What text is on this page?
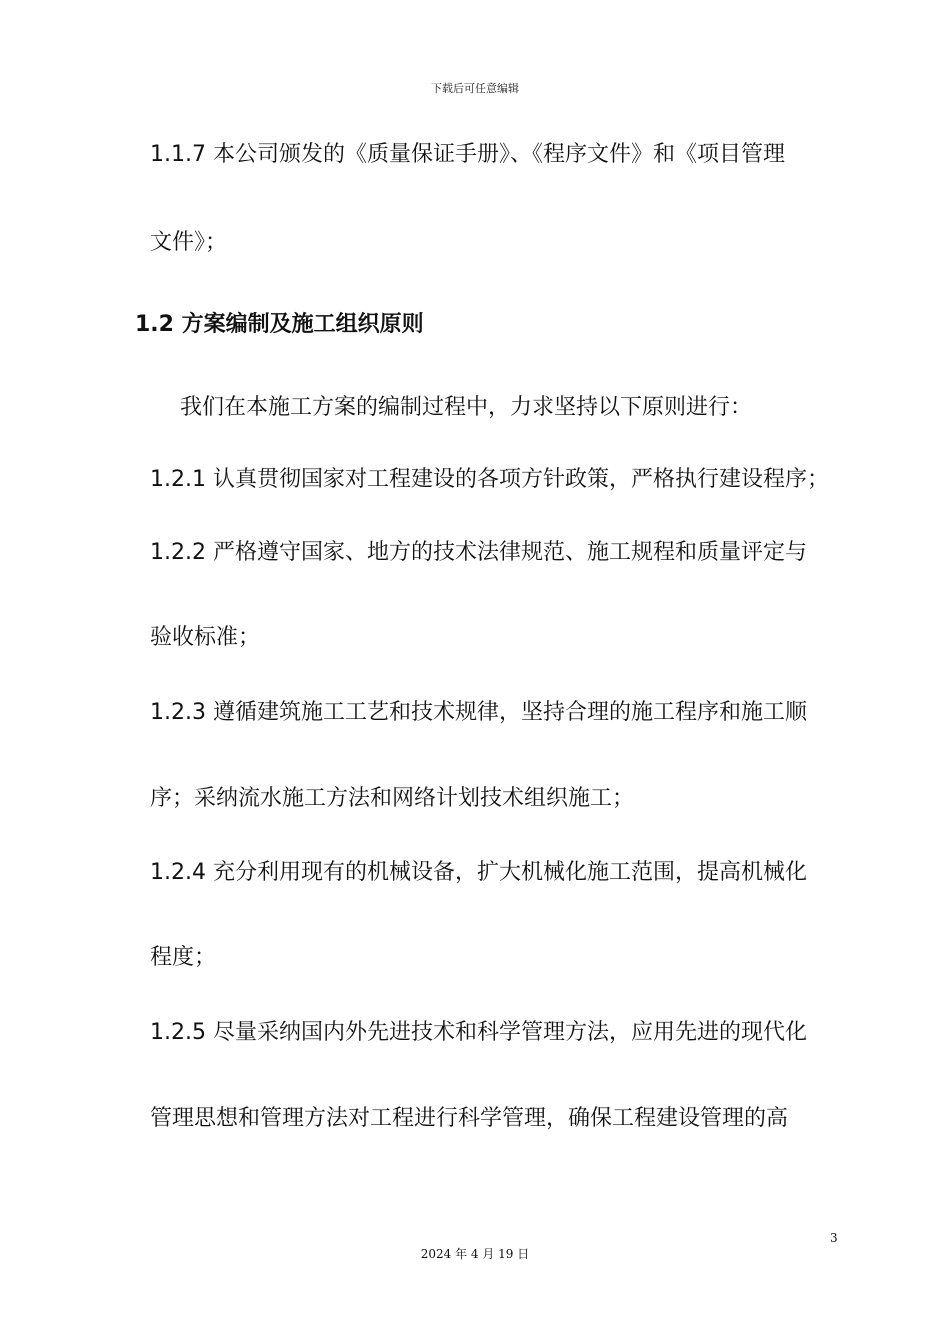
下载后可任意编辑
1.1.7 本公司颁发的《质量保证手册》、《程序文件》和《项目管理
文件》；
1.2 方案编制及施工组织原则
我们在本施工方案的编制过程中，力求坚持以下原则进行：
1.2.1 认真贯彻国家对工程建设的各项方针政策，严格执行建设程序；
1.2.2 严格遵守国家、地方的技术法律规范、施工规程和质量评定与
验收标准；
1.2.3 遵循建筑施工工艺和技术规律，坚持合理的施工程序和施工顺
序；采纳流水施工方法和网络计划技术组织施工；
1.2.4 充分利用现有的机械设备，扩大机械化施工范围，提高机械化
程度；
1.2.5 尽量采纳国内外先进技术和科学管理方法，应用先进的现代化
管理思想和管理方法对工程进行科学管理，确保工程建设管理的高
3
2024 年 4 月 19 日
